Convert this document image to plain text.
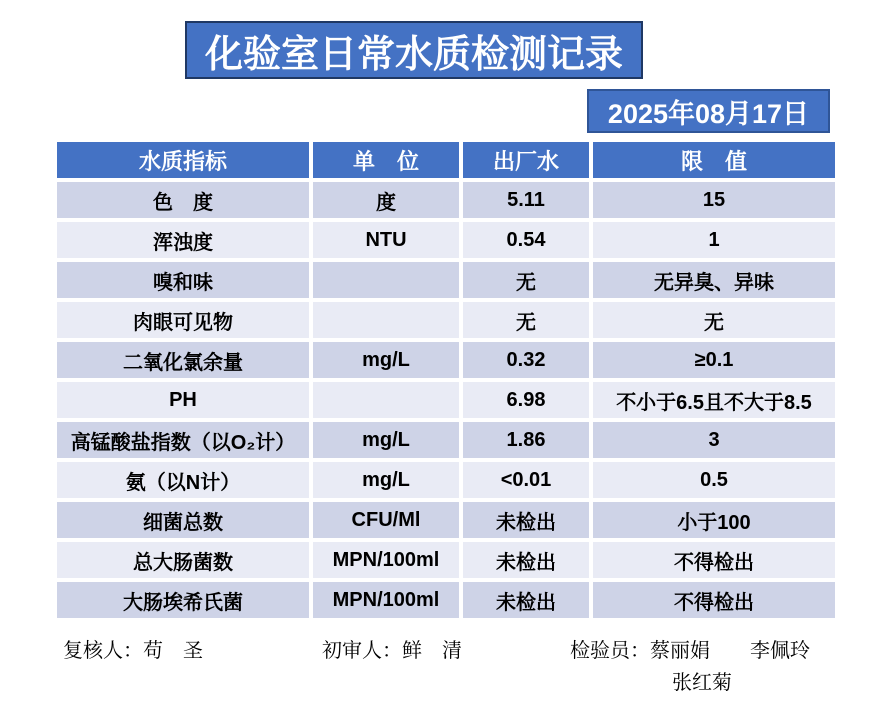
化验室日常水质检测记录
2025年08月17日
水质指标	单　位	出厂水	限　值
色　度	度	5.11	15
浑浊度	NTU	0.54	1
嗅和味		无	无异臭、异味
肉眼可见物		无	无
二氧化氯余量	mg/L	0.32	≥0.1
PH		6.98	不小于6.5且不大于8.5
高锰酸盐指数（以O₂计）	mg/L	1.86	3
氨（以N计）	mg/L	<0.01	0.5
细菌总数	CFU/Ml	未检出	小于100
总大肠菌数	MPN/100ml	未检出	不得检出
大肠埃希氏菌	MPN/100ml	未检出	不得检出
复核人：苟　圣	初审人：鲜　清	检验员：蔡丽娟　　李佩玲
张红菊
